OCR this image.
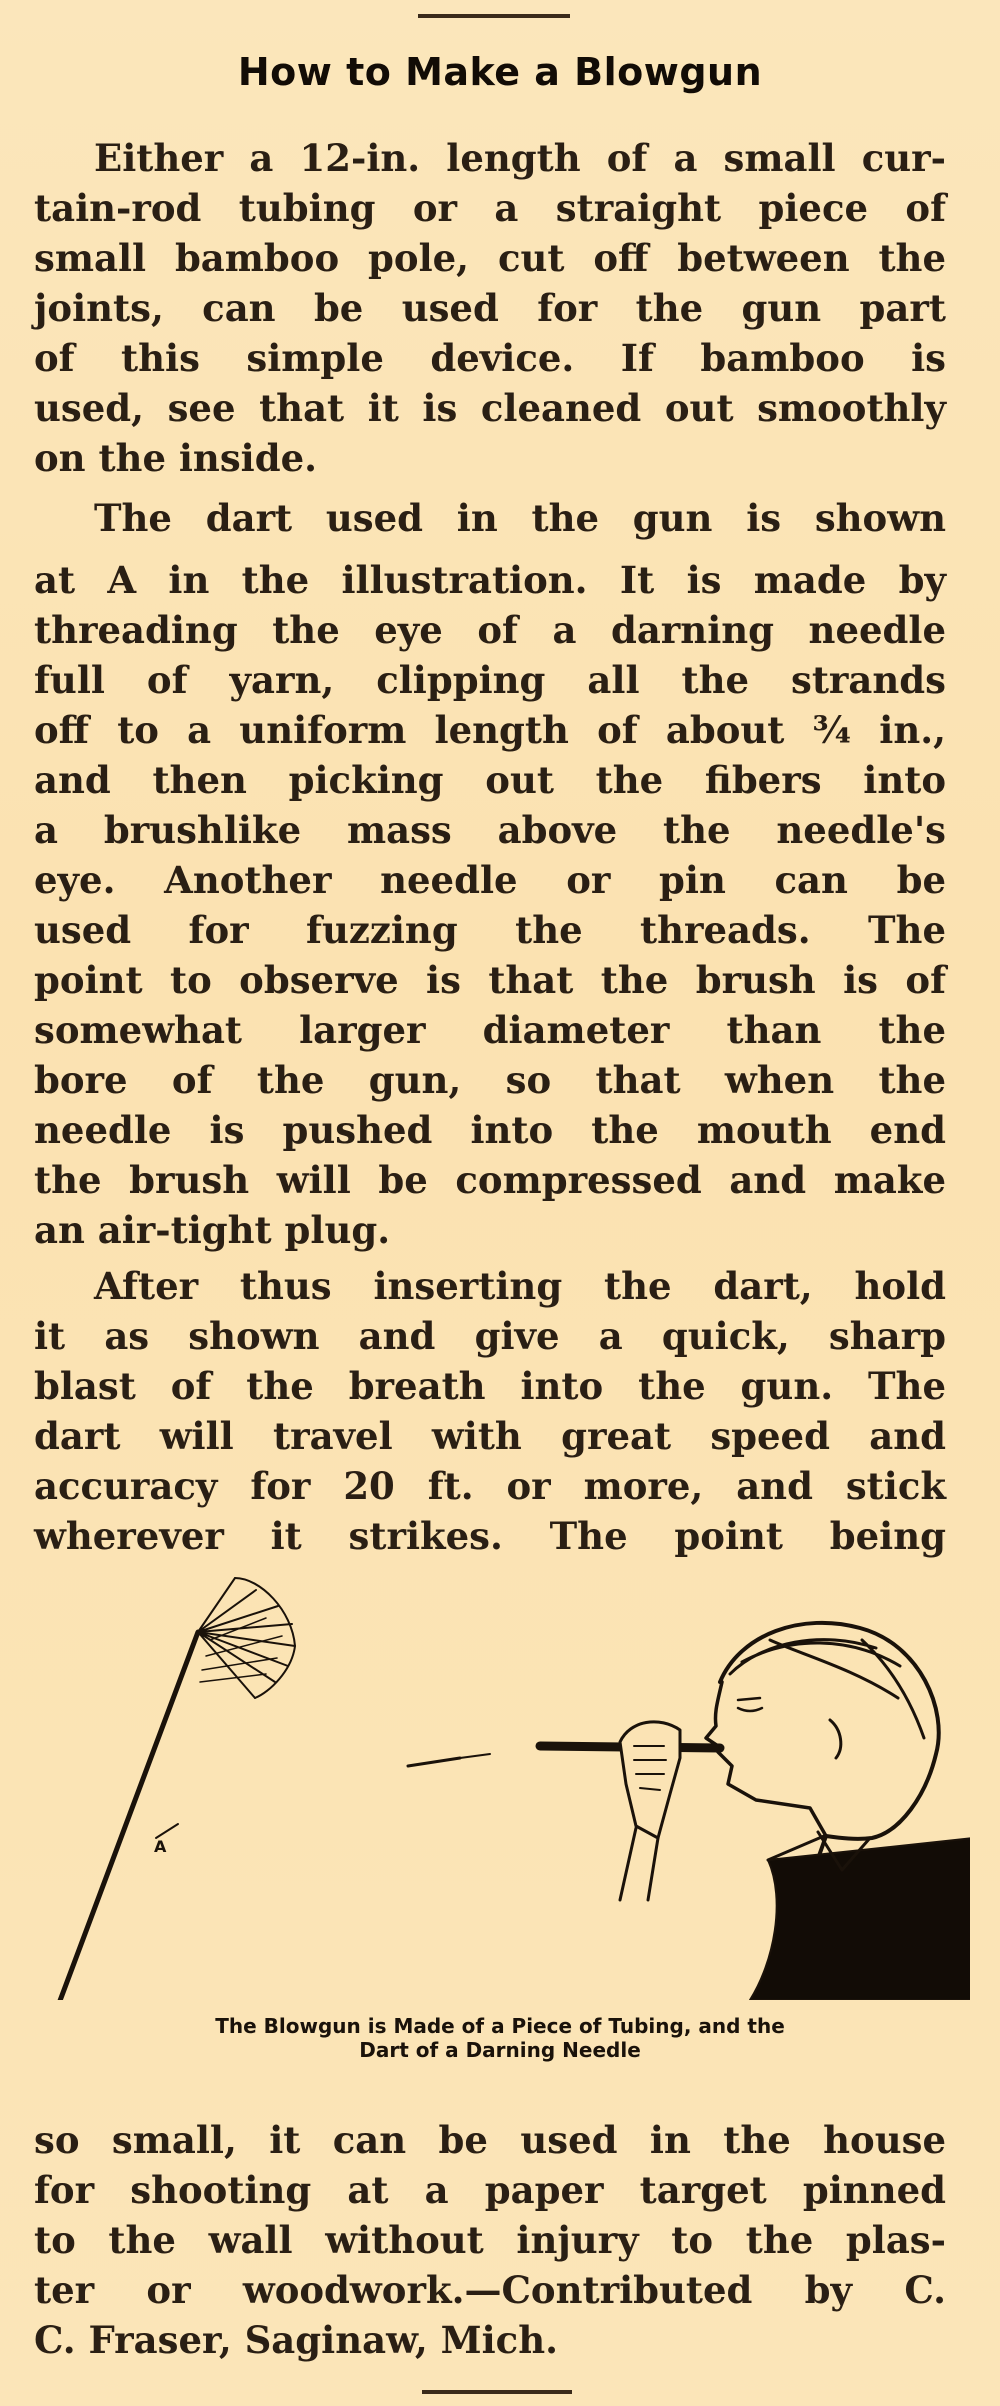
How to Make a Blowgun
Either a 12-in. length of a small cur-
tain-rod tubing or a straight piece of
small bamboo pole, cut off between the
joints, can be used for the gun part
of this simple device. If bamboo is
used, see that it is cleaned out smoothly
on the inside.
The dart used in the gun is shown
at A in the illustration. It is made by
threading the eye of a darning needle
full of yarn, clipping all the strands
off to a uniform length of about ¾ in.,
and then picking out the fibers into
a brushlike mass above the needle's
eye. Another needle or pin can be
used for fuzzing the threads. The
point to observe is that the brush is of
somewhat larger diameter than the
bore of the gun, so that when the
needle is pushed into the mouth end
the brush will be compressed and make
an air-tight plug.
After thus inserting the dart, hold
it as shown and give a quick, sharp
blast of the breath into the gun. The
dart will travel with great speed and
accuracy for 20 ft. or more, and stick
wherever it strikes. The point being
A
The Blowgun is Made of a Piece of Tubing, and the
Dart of a Darning Needle
so small, it can be used in the house
for shooting at a paper target pinned
to the wall without injury to the plas-
ter or woodwork.—Contributed by C.
C. Fraser, Saginaw, Mich.
